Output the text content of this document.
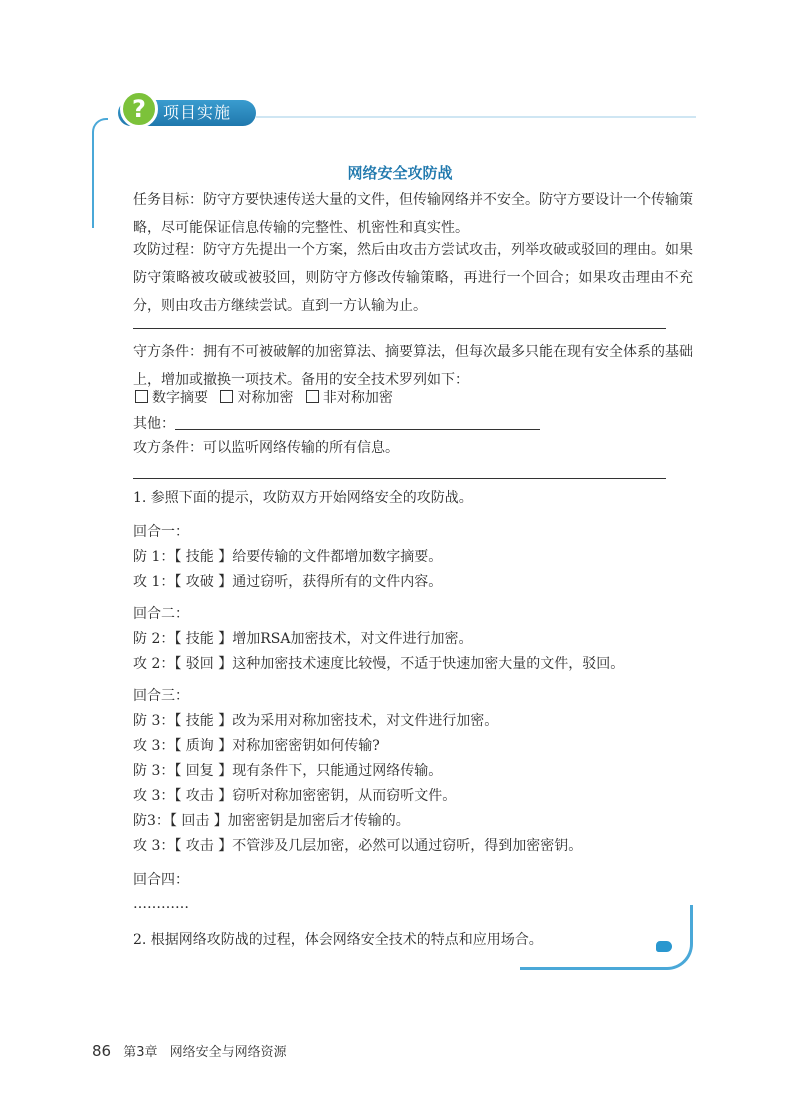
?	项目实施
网络安全攻防战
任务目标：防守方要快速传送大量的文件，但传输网络并不安全。防守方要设计一个传输策略，尽可能保证信息传输的完整性、机密性和真实性。
攻防过程：防守方先提出一个方案，然后由攻击方尝试攻击，列举攻破或驳回的理由。如果防守策略被攻破或被驳回，则防守方修改传输策略，再进行一个回合；如果攻击理由不充分，则由攻击方继续尝试。直到一方认输为止。
守方条件：拥有不可被破解的加密算法、摘要算法，但每次最多只能在现有安全体系的基础上，增加或撤换一项技术。备用的安全技术罗列如下：
数字摘要 对称加密 非对称加密
其他：
攻方条件：可以监听网络传输的所有信息。
1. 参照下面的提示，攻防双方开始网络安全的攻防战。
回合一：
防 1：【 技能 】给要传输的文件都增加数字摘要。
攻 1：【 攻破 】通过窃听，获得所有的文件内容。
回合二：
防 2：【 技能 】增加RSA加密技术，对文件进行加密。
攻 2：【 驳回 】这种加密技术速度比较慢，不适于快速加密大量的文件，驳回。
回合三：
防 3：【 技能 】改为采用对称加密技术，对文件进行加密。
攻 3：【 质询 】对称加密密钥如何传输?
防 3：【 回复 】现有条件下，只能通过网络传输。
攻 3：【 攻击 】窃听对称加密密钥，从而窃听文件。
防3：【 回击 】加密密钥是加密后才传输的。
攻 3：【 攻击 】不管涉及几层加密，必然可以通过窃听，得到加密密钥。
回合四：
…………
2. 根据网络攻防战的过程，体会网络安全技术的特点和应用场合。
86 第3章 网络安全与网络资源
